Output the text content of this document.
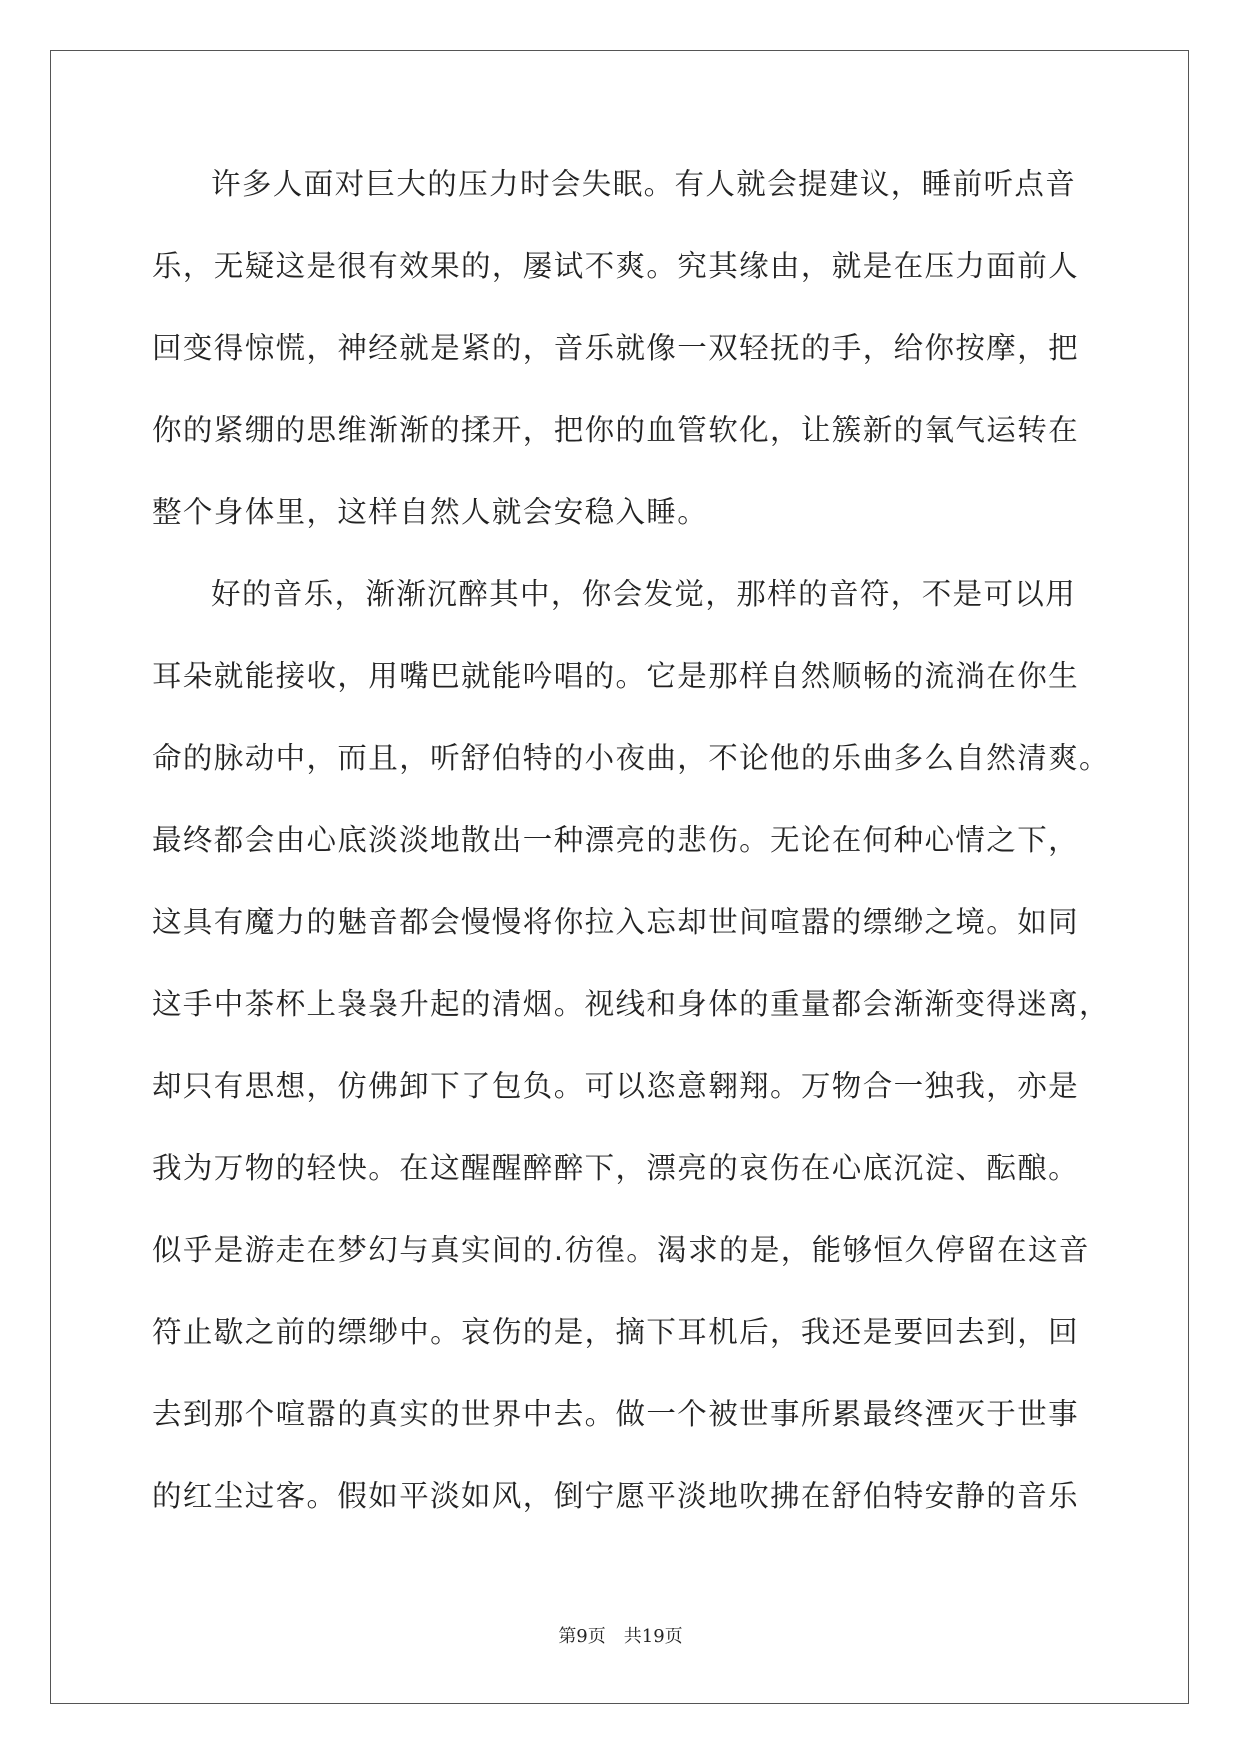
许多人面对巨大的压力时会失眠。有人就会提建议，睡前听点音
乐，无疑这是很有效果的，屡试不爽。究其缘由，就是在压力面前人
回变得惊慌，神经就是紧的，音乐就像一双轻抚的手，给你按摩，把
你的紧绷的思维渐渐的揉开，把你的血管软化，让簇新的氧气运转在
整个身体里，这样自然人就会安稳入睡。
好的音乐，渐渐沉醉其中，你会发觉，那样的音符，不是可以用
耳朵就能接收，用嘴巴就能吟唱的。它是那样自然顺畅的流淌在你生
命的脉动中，而且，听舒伯特的小夜曲，不论他的乐曲多么自然清爽。
最终都会由心底淡淡地散出一种漂亮的悲伤。无论在何种心情之下，
这具有魔力的魅音都会慢慢将你拉入忘却世间喧嚣的缥缈之境。如同
这手中茶杯上袅袅升起的清烟。视线和身体的重量都会渐渐变得迷离，
却只有思想，仿佛卸下了包负。可以恣意翱翔。万物合一独我，亦是
我为万物的轻快。在这醒醒醉醉下，漂亮的哀伤在心底沉淀、酝酿。
似乎是游走在梦幻与真实间的.彷徨。渴求的是，能够恒久停留在这音
符止歇之前的缥缈中。哀伤的是，摘下耳机后，我还是要回去到，回
去到那个喧嚣的真实的世界中去。做一个被世事所累最终湮灭于世事
的红尘过客。假如平淡如风，倒宁愿平淡地吹拂在舒伯特安静的音乐
第9页 共19页
